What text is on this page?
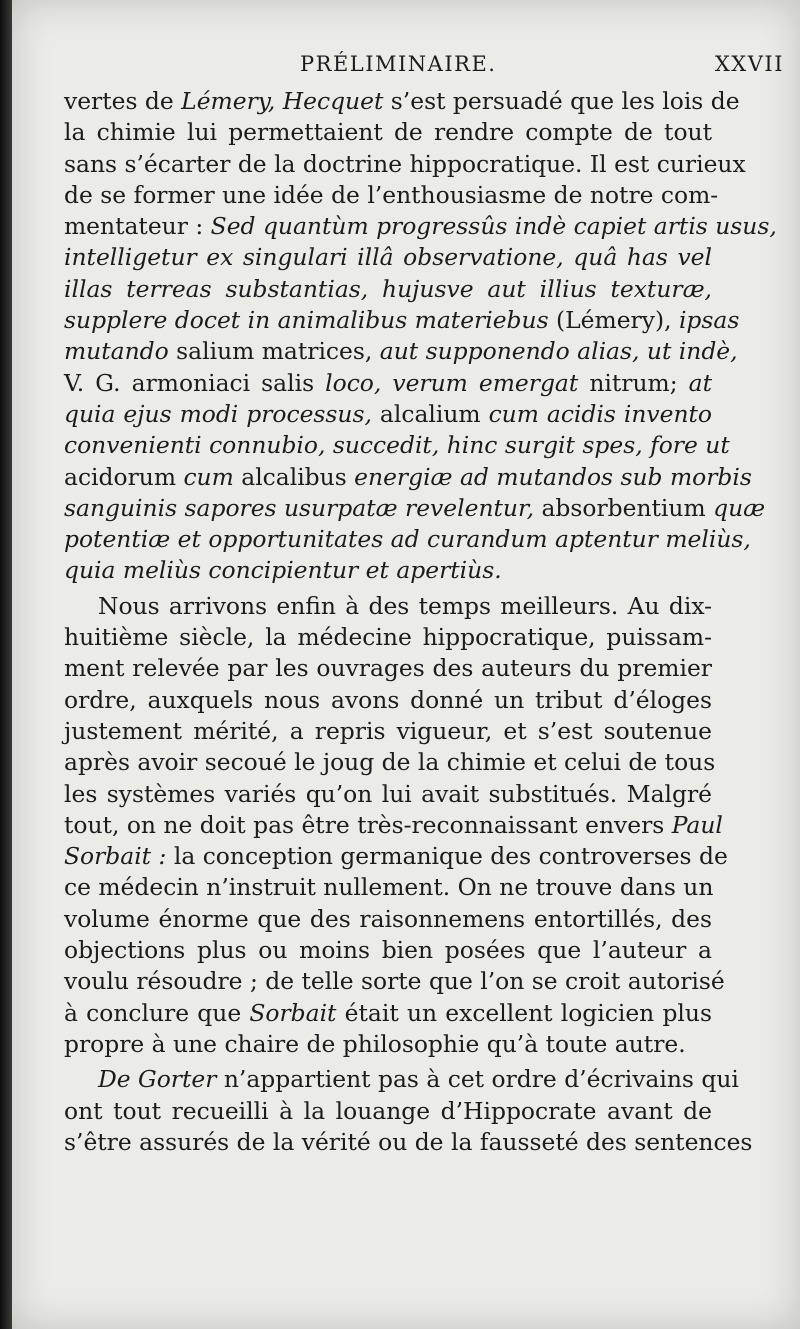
PRÉLIMINAIRE.	XXVII
vertes de Lémery, Hecquet s’est persuadé que les lois de
la chimie lui permettaient de rendre compte de tout
sans s’écarter de la doctrine hippocratique. Il est curieux
de se former une idée de l’enthousiasme de notre com-
mentateur : Sed quantùm progressûs indè capiet artis usus,
intelligetur ex singulari illâ observatione, quâ has vel
illas terreas substantias, hujusve aut illius texturæ,
supplere docet in animalibus materiebus (Lémery), ipsas
mutando salium matrices, aut supponendo alias, ut indè,
V. G. armoniaci salis loco, verum emergat nitrum; at
quia ejus modi processus, alcalium cum acidis invento
convenienti connubio, succedit, hinc surgit spes, fore ut
acidorum cum alcalibus energiæ ad mutandos sub morbis
sanguinis sapores usurpatæ revelentur, absorbentium quæ
potentiæ et opportunitates ad curandum aptentur meliùs,
quia meliùs concipientur et apertiùs.
Nous arrivons enfin à des temps meilleurs. Au dix-
huitième siècle, la médecine hippocratique, puissam-
ment relevée par les ouvrages des auteurs du premier
ordre, auxquels nous avons donné un tribut d’éloges
justement mérité, a repris vigueur, et s’est soutenue
après avoir secoué le joug de la chimie et celui de tous
les systèmes variés qu’on lui avait substitués. Malgré
tout, on ne doit pas être très-reconnaissant envers Paul
Sorbait : la conception germanique des controverses de
ce médecin n’instruit nullement. On ne trouve dans un
volume énorme que des raisonnemens entortillés, des
objections plus ou moins bien posées que l’auteur a
voulu résoudre ; de telle sorte que l’on se croit autorisé
à conclure que Sorbait était un excellent logicien plus
propre à une chaire de philosophie qu’à toute autre.
De Gorter n’appartient pas à cet ordre d’écrivains qui
ont tout recueilli à la louange d’Hippocrate avant de
s’être assurés de la vérité ou de la fausseté des sentences
